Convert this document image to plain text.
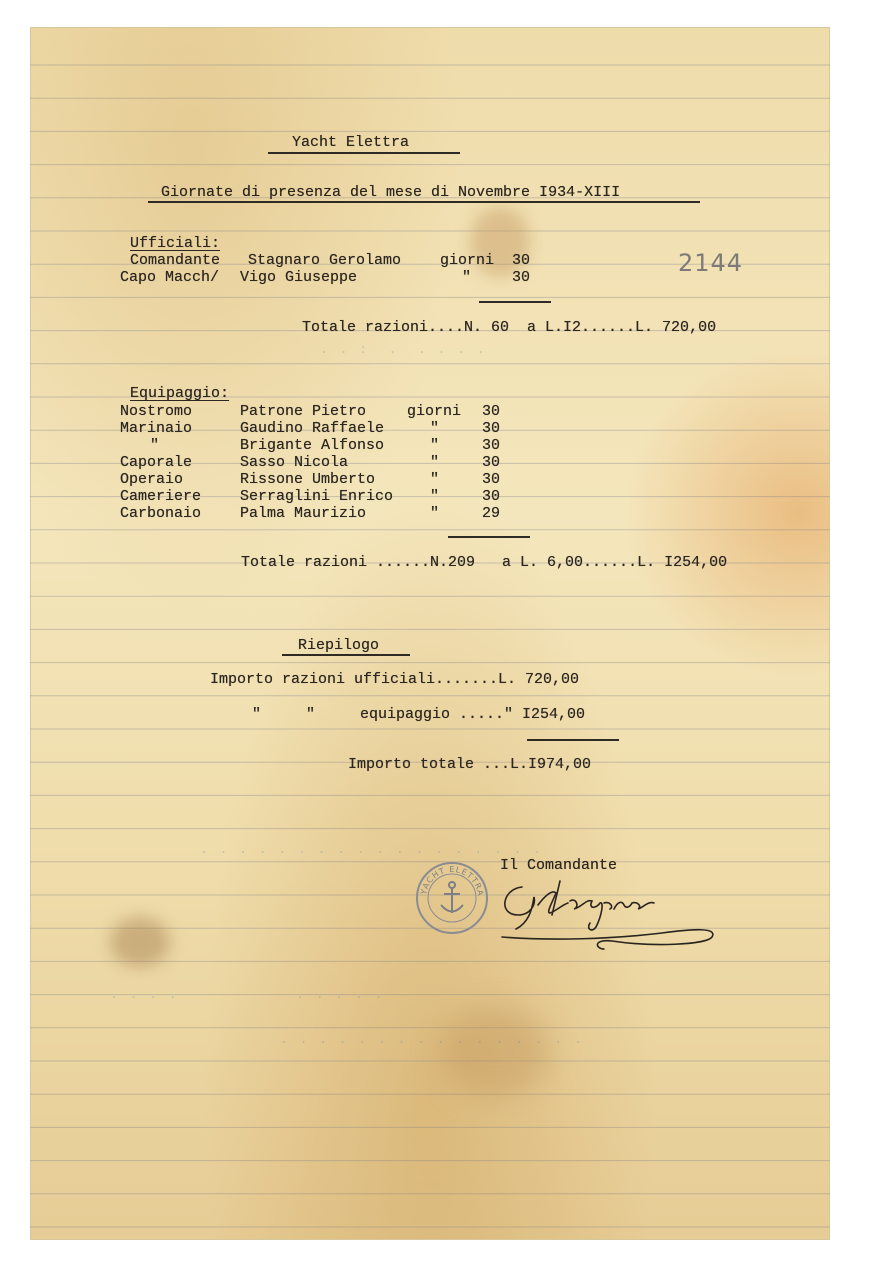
. . :  .  . . . .
. . . . . . . . . . . . . . . . . .
. . . .            . . . . .
. . . . . . . . . . . . . . . .
Yacht Elettra
Giornate di presenza del mese di Novembre I934-XIII
2144
Ufficiali:
Comandante Stagnaro Gerolamo	giorni 30
Capo Macch/ Vigo Giuseppe	"	30
Totale razioni....N. 60  a L.I2......L. 720,00
Equipaggio:
Nostromo	Patrone Pietro	giorni 30
Marinaio	Gaudino Raffaele	"	30
"	Brigante Alfonso	"	30
Caporale	Sasso Nicola	"	30
Operaio	Rissone Umberto	"	30
Cameriere	Serraglini Enrico "	30
Carbonaio	Palma Maurizio	"	29
Totale razioni ......N.209   a L. 6,00......L. I254,00
Riepilogo
Importo razioni ufficiali.......L. 720,00
"     "     equipaggio ....." I254,00
Importo totale ...L.I974,00
Il Comandante
YACHT ELETTRA
